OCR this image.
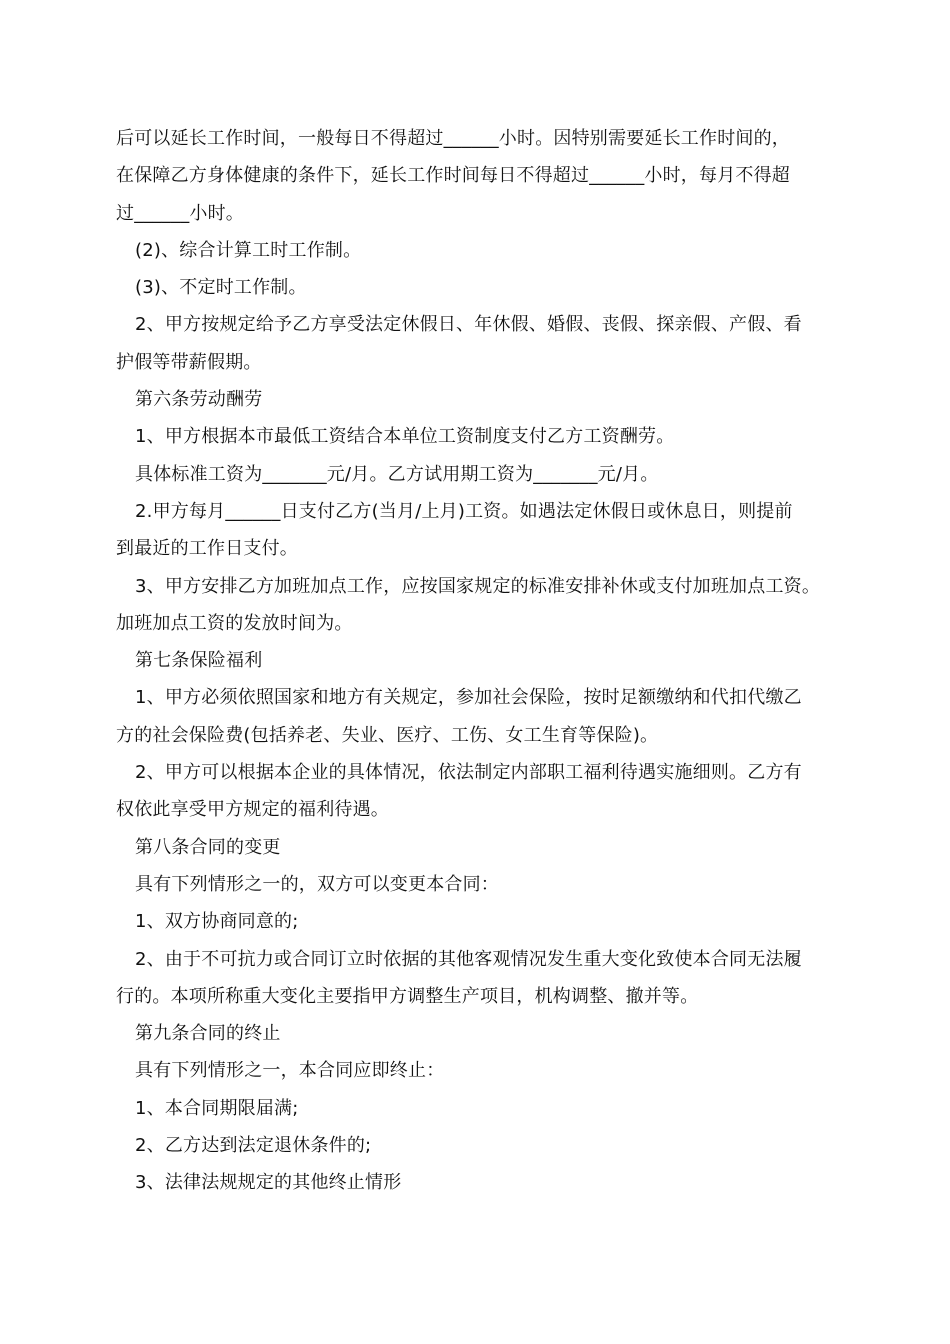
后可以延长工作时间，一般每日不得超过______小时。因特别需要延长工作时间的，
在保障乙方身体健康的条件下，延长工作时间每日不得超过______小时，每月不得超
过______小时。
(2)、综合计算工时工作制。
(3)、不定时工作制。
2、甲方按规定给予乙方享受法定休假日、年休假、婚假、丧假、探亲假、产假、看
护假等带薪假期。
第六条劳动酬劳
1、甲方根据本市最低工资结合本单位工资制度支付乙方工资酬劳。
具体标准工资为_______元/月。乙方试用期工资为_______元/月。
2.甲方每月______日支付乙方(当月/上月)工资。如遇法定休假日或休息日，则提前
到最近的工作日支付。
3、甲方安排乙方加班加点工作，应按国家规定的标准安排补休或支付加班加点工资。
加班加点工资的发放时间为。
第七条保险福利
1、甲方必须依照国家和地方有关规定，参加社会保险，按时足额缴纳和代扣代缴乙
方的社会保险费(包括养老、失业、医疗、工伤、女工生育等保险)。
2、甲方可以根据本企业的具体情况，依法制定内部职工福利待遇实施细则。乙方有
权依此享受甲方规定的福利待遇。
第八条合同的变更
具有下列情形之一的，双方可以变更本合同：
1、双方协商同意的;
2、由于不可抗力或合同订立时依据的其他客观情况发生重大变化致使本合同无法履
行的。本项所称重大变化主要指甲方调整生产项目，机构调整、撤并等。
第九条合同的终止
具有下列情形之一，本合同应即终止：
1、本合同期限届满;
2、乙方达到法定退休条件的;
3、法律法规规定的其他终止情形
